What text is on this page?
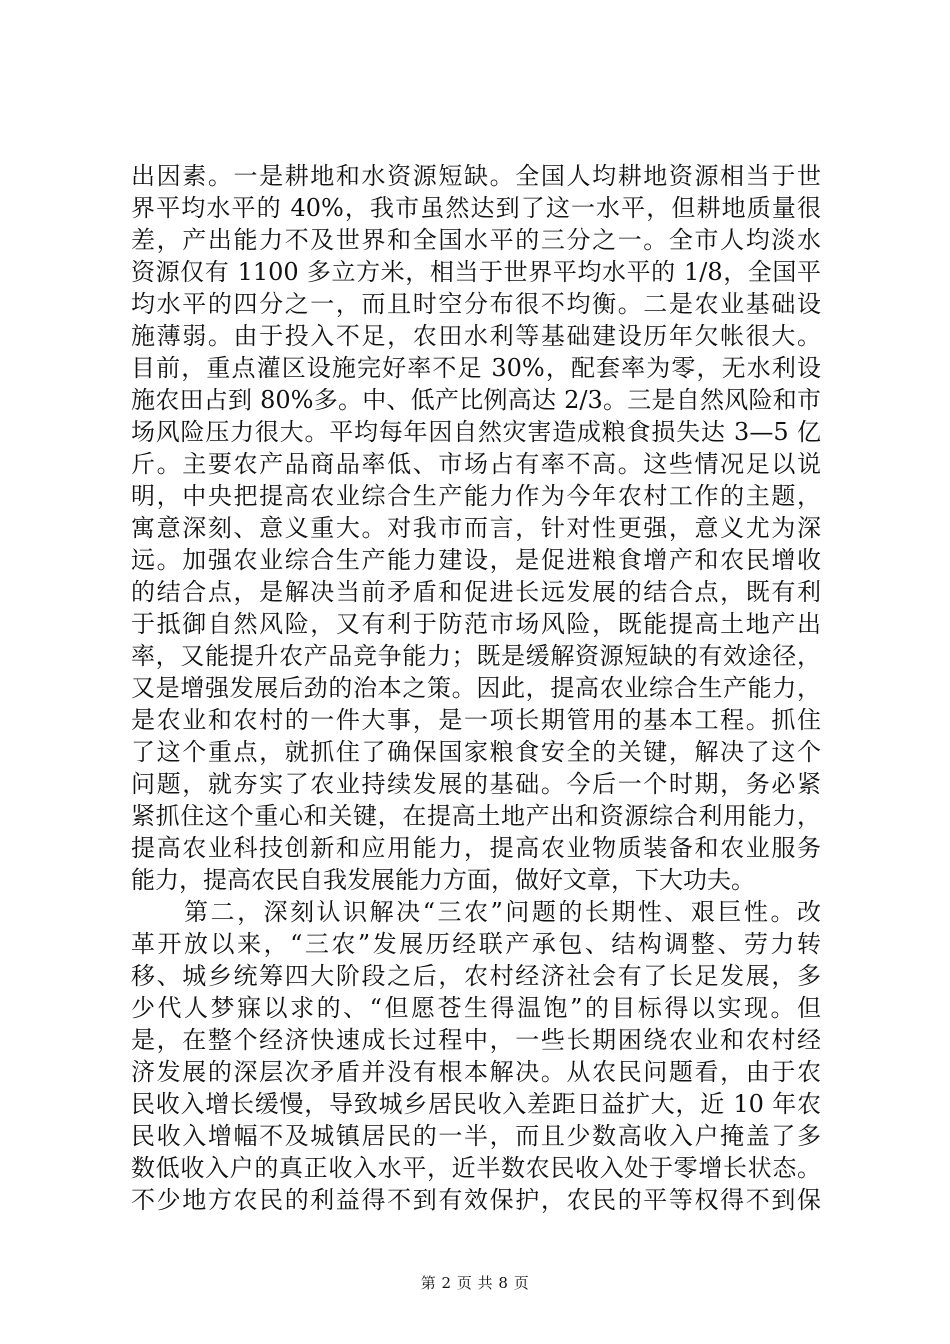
出因素。一是耕地和水资源短缺。全国人均耕地资源相当于世
界平均水平的 40%，我市虽然达到了这一水平，但耕地质量很
差，产出能力不及世界和全国水平的三分之一。全市人均淡水
资源仅有 1100 多立方米，相当于世界平均水平的 1/8，全国平
均水平的四分之一，而且时空分布很不均衡。二是农业基础设
施薄弱。由于投入不足，农田水利等基础建设历年欠帐很大。
目前，重点灌区设施完好率不足 30%，配套率为零，无水利设
施农田占到 80%多。中、低产比例高达 2/3。三是自然风险和市
场风险压力很大。平均每年因自然灾害造成粮食损失达 3—5 亿
斤。主要农产品商品率低、市场占有率不高。这些情况足以说
明，中央把提高农业综合生产能力作为今年农村工作的主题，
寓意深刻、意义重大。对我市而言，针对性更强，意义尤为深
远。加强农业综合生产能力建设，是促进粮食增产和农民增收
的结合点，是解决当前矛盾和促进长远发展的结合点，既有利
于抵御自然风险，又有利于防范市场风险，既能提高土地产出
率，又能提升农产品竞争能力；既是缓解资源短缺的有效途径，
又是增强发展后劲的治本之策。因此，提高农业综合生产能力，
是农业和农村的一件大事，是一项长期管用的基本工程。抓住
了这个重点，就抓住了确保国家粮食安全的关键，解决了这个
问题，就夯实了农业持续发展的基础。今后一个时期，务必紧
紧抓住这个重心和关键，在提高土地产出和资源综合利用能力，
提高农业科技创新和应用能力，提高农业物质装备和农业服务
能力，提高农民自我发展能力方面，做好文章，下大功夫。
　　第二，深刻认识解决“三农”问题的长期性、艰巨性。改
革开放以来，“三农”发展历经联产承包、结构调整、劳力转
移、城乡统筹四大阶段之后，农村经济社会有了长足发展，多
少代人梦寐以求的、“但愿苍生得温饱”的目标得以实现。但
是，在整个经济快速成长过程中，一些长期困绕农业和农村经
济发展的深层次矛盾并没有根本解决。从农民问题看，由于农
民收入增长缓慢，导致城乡居民收入差距日益扩大，近 10 年农
民收入增幅不及城镇居民的一半，而且少数高收入户掩盖了多
数低收入户的真正收入水平，近半数农民收入处于零增长状态。
不少地方农民的利益得不到有效保护，农民的平等权得不到保
第 2 页 共 8 页
